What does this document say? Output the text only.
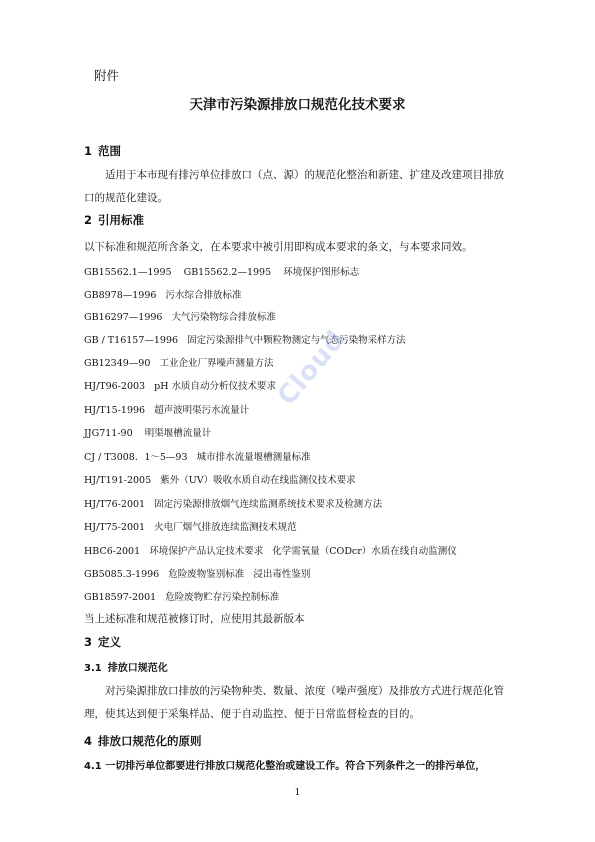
附件
天津市污染源排放口规范化技术要求
1 范围
适用于本市现有排污单位排放口（点、源）的规范化整治和新建、扩建及改建项目排放口的规范化建设。
2 引用标准
以下标准和规范所含条文，在本要求中被引用即构成本要求的条文，与本要求同效。
GB15562.1—1995    GB15562.2—1995    环境保护图形标志
GB8978—1996   污水综合排放标准
GB16297—1996   大气污染物综合排放标准
GB / T16157—1996   固定污染源排气中颗粒物测定与气态污染物采样方法
GB12349—90   工业企业厂界噪声测量方法
HJ/T96-2003   pH 水质自动分析仪技术要求
HJ/T15-1996   超声波明渠污水流量计
JJG711-90    明渠堰槽流量计
CJ / T3008．1～5—93   城市排水流量堰槽测量标准
HJ/T191-2005   紫外（UV）吸收水质自动在线监测仪技术要求
HJ/T76-2001   固定污染源排放烟气连续监测系统技术要求及检测方法
HJ/T75-2001   火电厂烟气排放连续监测技术规范
HBC6-2001   环境保护产品认定技术要求   化学需氧量（CODcr）水质在线自动监测仪
GB5085.3-1996   危险废物鉴别标准   浸出毒性鉴别
GB18597-2001   危险废物贮存污染控制标准
当上述标准和规范被修订时，应使用其最新版本
3 定义
3.1 排放口规范化
对污染源排放口排放的污染物种类、数量、浓度（噪声强度）及排放方式进行规范化管理，使其达到便于采集样品、便于自动监控、便于日常监督检查的目的。
4 排放口规范化的原则
4.1 一切排污单位都要进行排放口规范化整治或建设工作。符合下列条件之一的排污单位，
1
Cloud
